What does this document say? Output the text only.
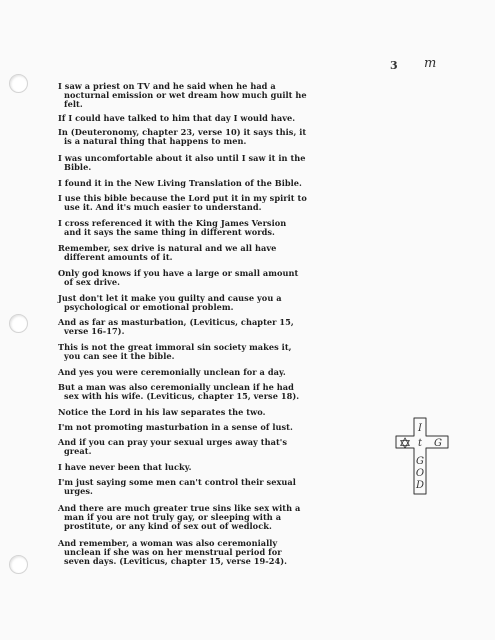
3 m
I saw a priest on TV and he said when he had a
nocturnal emission or wet dream how much guilt he
felt.
If I could have talked to him that day I would have.
In (Deuteronomy, chapter 23, verse 10) it says this, it
is a natural thing that happens to men.
I was uncomfortable about it also until I saw it in the
Bible.
I found it in the New Living Translation of the Bible.
I use this bible because the Lord put it in my spirit to
use it. And it's much easier to understand.
I cross referenced it with the King James Version
and it says the same thing in different words.
Remember, sex drive is natural and we all have
different amounts of it.
Only god knows if you have a large or small amount
of sex drive.
Just don't let it make you guilty and cause you a
psychological or emotional problem.
And as far as masturbation, (Leviticus, chapter 15,
verse 16-17).
This is not the great immoral sin society makes it,
you can see it the bible.
And yes you were ceremonially unclean for a day.
But a man was also ceremonially unclean if he had
sex with his wife. (Leviticus, chapter 15, verse 18).
Notice the Lord in his law separates the two.
I'm not promoting masturbation in a sense of lust.
And if you can pray your sexual urges away that's
great.
I have never been that lucky.
I'm just saying some men can't control their sexual
urges.
And there are much greater true sins like sex with a
man if you are not truly gay, or sleeping with a
prostitute, or any kind of sex out of wedlock.
And remember, a woman was also ceremonially
unclean if she was on her menstrual period for
seven days. (Leviticus, chapter 15, verse 19-24).
I
t G
G
O
D
